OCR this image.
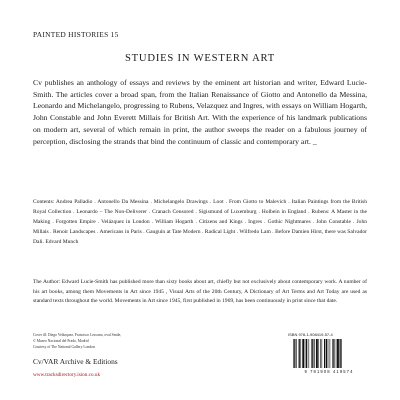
PAINTED HISTORIES 15
STUDIES IN WESTERN ART
Cv publishes an anthology of essays and reviews by the eminent art historian and writer, Edward Lucie-Smith. The articles cover a broad span, from the Italian Renaissance of Giotto and Antonello da Messina, Leonardo and Michelangelo, progressing to Rubens, Velazquez and Ingres, with essays on William Hogarth, John Constable and John Everett Millais for British Art. With the experience of his landmark publications on modern art, several of which remain in print, the author sweeps the reader on a fabulous journey of perception, disclosing the strands that bind the continuum of classic and contemporary art. _
Contents: Andrea Palladio . Antonello Da Messina . Michelangelo Drawings . Loot . From Giotto to Malevich . Italian Paintings from the British Royal Collection . Leonardo – The Non-Deliverer . Cranach Censored . Sigismund of Luxemburg . Holbein in England . Rubens: A Master in the Making . Forgotten Empire . Velázquez in London . William Hogarth . Citizens and Kings . Ingres . Gothic Nightmares . John Constable . John Millais . Renoir Landscapes . Americans in Paris . Gauguin at Tate Modern . Radical Light . Wilfredo Lam . Before Damien Hirst, there was Salvador Dali. Edvard Munch
The Author: Edward Lucie-Smith has published more than sixty books about art, chiefly but not exclusively about contemporary work. A number of his art books, among them Movements in Art since 1945 , Visual Arts of the 20th Century, A Dictionary of Art Terms and Art Today are used as standard texts throughout the world. Movements in Art since 1945, first published in 1969, has been continuously in print since that date.
Cover ill: Diego Velázquez, Francisco Lezcano, oval Smile,
© Museo Nacional del Prado, Madrid
Courtesy of The National Gallery London
Cv/VAR Archive & Editions
www.tracksdirectory.ision.co.uk
ISBN 978-1-908419-57-4
9 781908 419574
